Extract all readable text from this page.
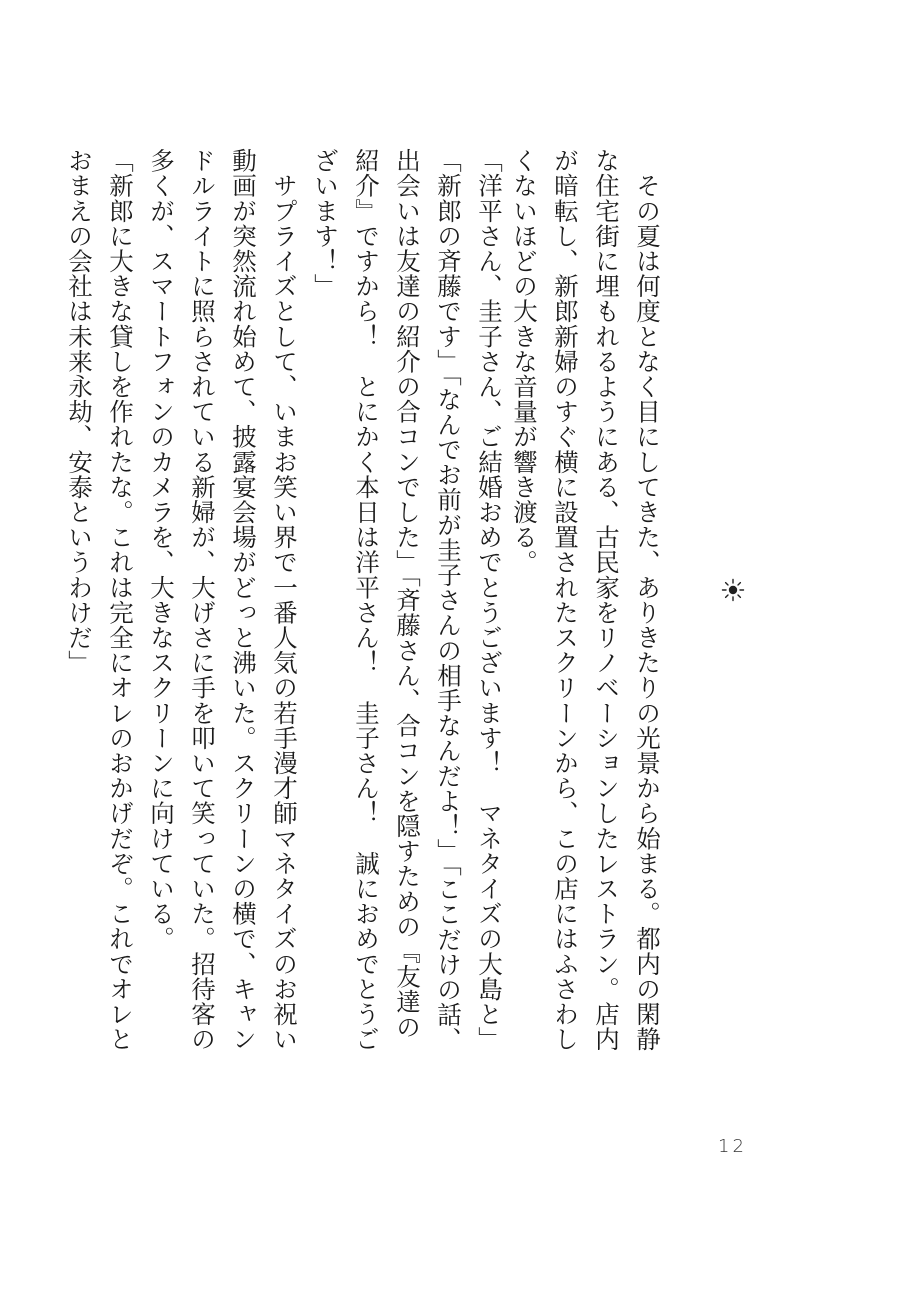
　その夏は何度となく目にしてきた、ありきたりの光景から始まる。都内の閑静な住宅街に埋もれるようにある、古民家をリノベーションしたレストラン。店内が暗転し、新郎新婦のすぐ横に設置されたスクリーンから、この店にはふさわしくないほどの大きな音量が響き渡る。

「洋平さん、圭子さん、ご結婚おめでとうございます！　マネタイズの大島と」「新郎の斉藤です」「なんでお前が圭子さんの相手なんだよ！」「ここだけの話、出会いは友達の紹介の合コンでした」「斉藤さん、合コンを隠すための『友達の紹介』ですから！　とにかく本日は洋平さん！　圭子さん！　誠におめでとうございます！」
　サプライズとして、いまお笑い界で一番人気の若手漫才師マネタイズのお祝い動画が突然流れ始めて、披露宴会場がどっと沸いた。スクリーンの横で、キャンドルライトに照らされている新婦が、大げさに手を叩いて笑っていた。招待客の多くが、スマートフォンのカメラを、大きなスクリーンに向けている。
「新郎に大きな貸しを作れたな。これは完全にオレのおかげだぞ。これでオレとおまえの会社は未来永劫、安泰というわけだ」

12
